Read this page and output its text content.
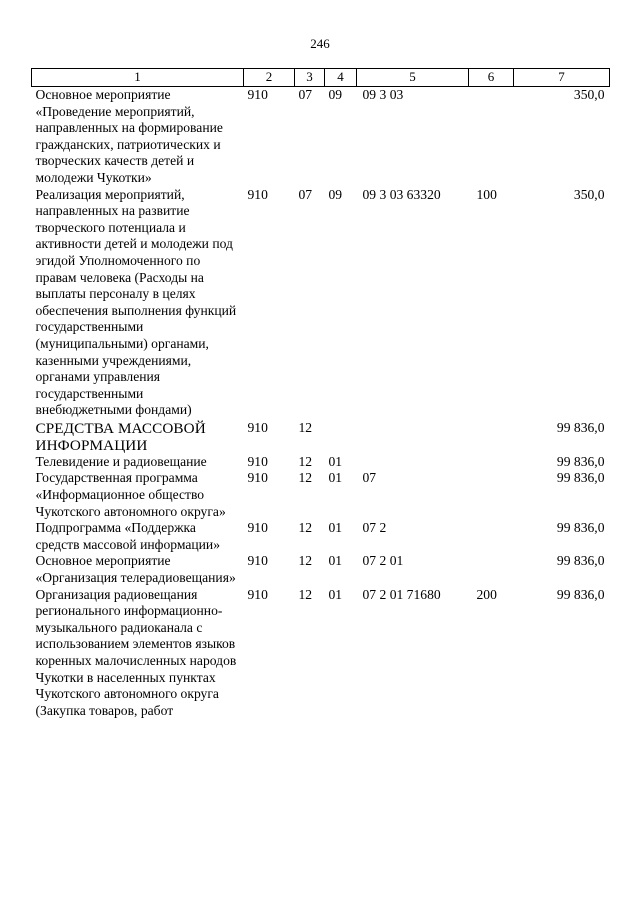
246
1	2	3	4	5	6	7
Основное мероприятие «Проведение мероприятий, направленных на формирование гражданских, патриотических и творческих качеств детей и молодежи Чукотки»	910	07	09	09 3 03		350,0
Реализация мероприятий, направленных на развитие творческого потенциала и активности детей и молодежи под эгидой Уполномоченного по правам человека (Расходы на выплаты персоналу в целях обеспечения выполнения функций государственными (муниципальными) органами, казенными учреждениями, органами управления государственными внебюджетными фондами)	910	07	09	09 3 03 63320	100	350,0
СРЕДСТВА МАССОВОЙ ИНФОРМАЦИИ	910	12				99 836,0
Телевидение и радиовещание	910	12	01			99 836,0
Государственная программа «Информационное общество Чукотского автономного округа»	910	12	01	07		99 836,0
Подпрограмма «Поддержка средств массовой информации»	910	12	01	07 2		99 836,0
Основное мероприятие «Организация телерадиовещания»	910	12	01	07 2 01		99 836,0
Организация радиовещания регионального информационно-музыкального радиоканала с использованием элементов языков коренных малочисленных народов Чукотки в населенных пунктах Чукотского автономного округа (Закупка товаров, работ	910	12	01	07 2 01 71680	200	99 836,0
